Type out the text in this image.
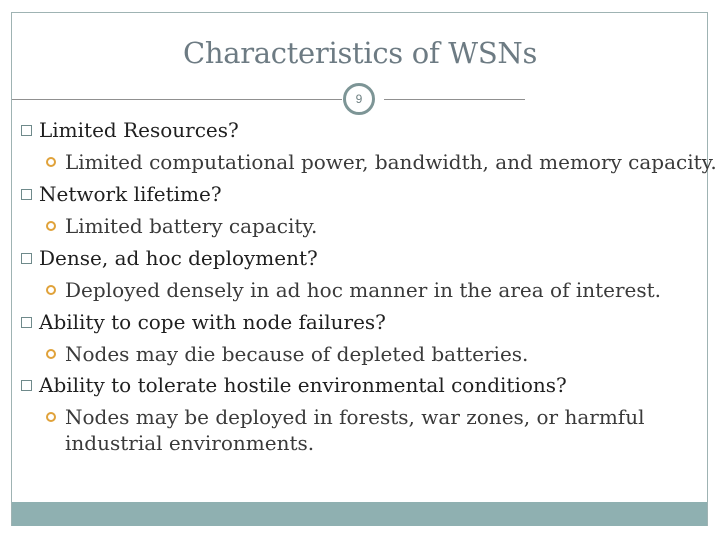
Characteristics of WSNs
9
Limited Resources?
Limited computational power, bandwidth, and memory capacity.
Network lifetime?
Limited battery capacity.
Dense, ad hoc deployment?
Deployed densely in ad hoc manner in the area of interest.
Ability to cope with node failures?
Nodes may die because of depleted batteries.
Ability to tolerate hostile environmental conditions?
Nodes may be deployed in forests, war zones, or harmful
industrial environments.
